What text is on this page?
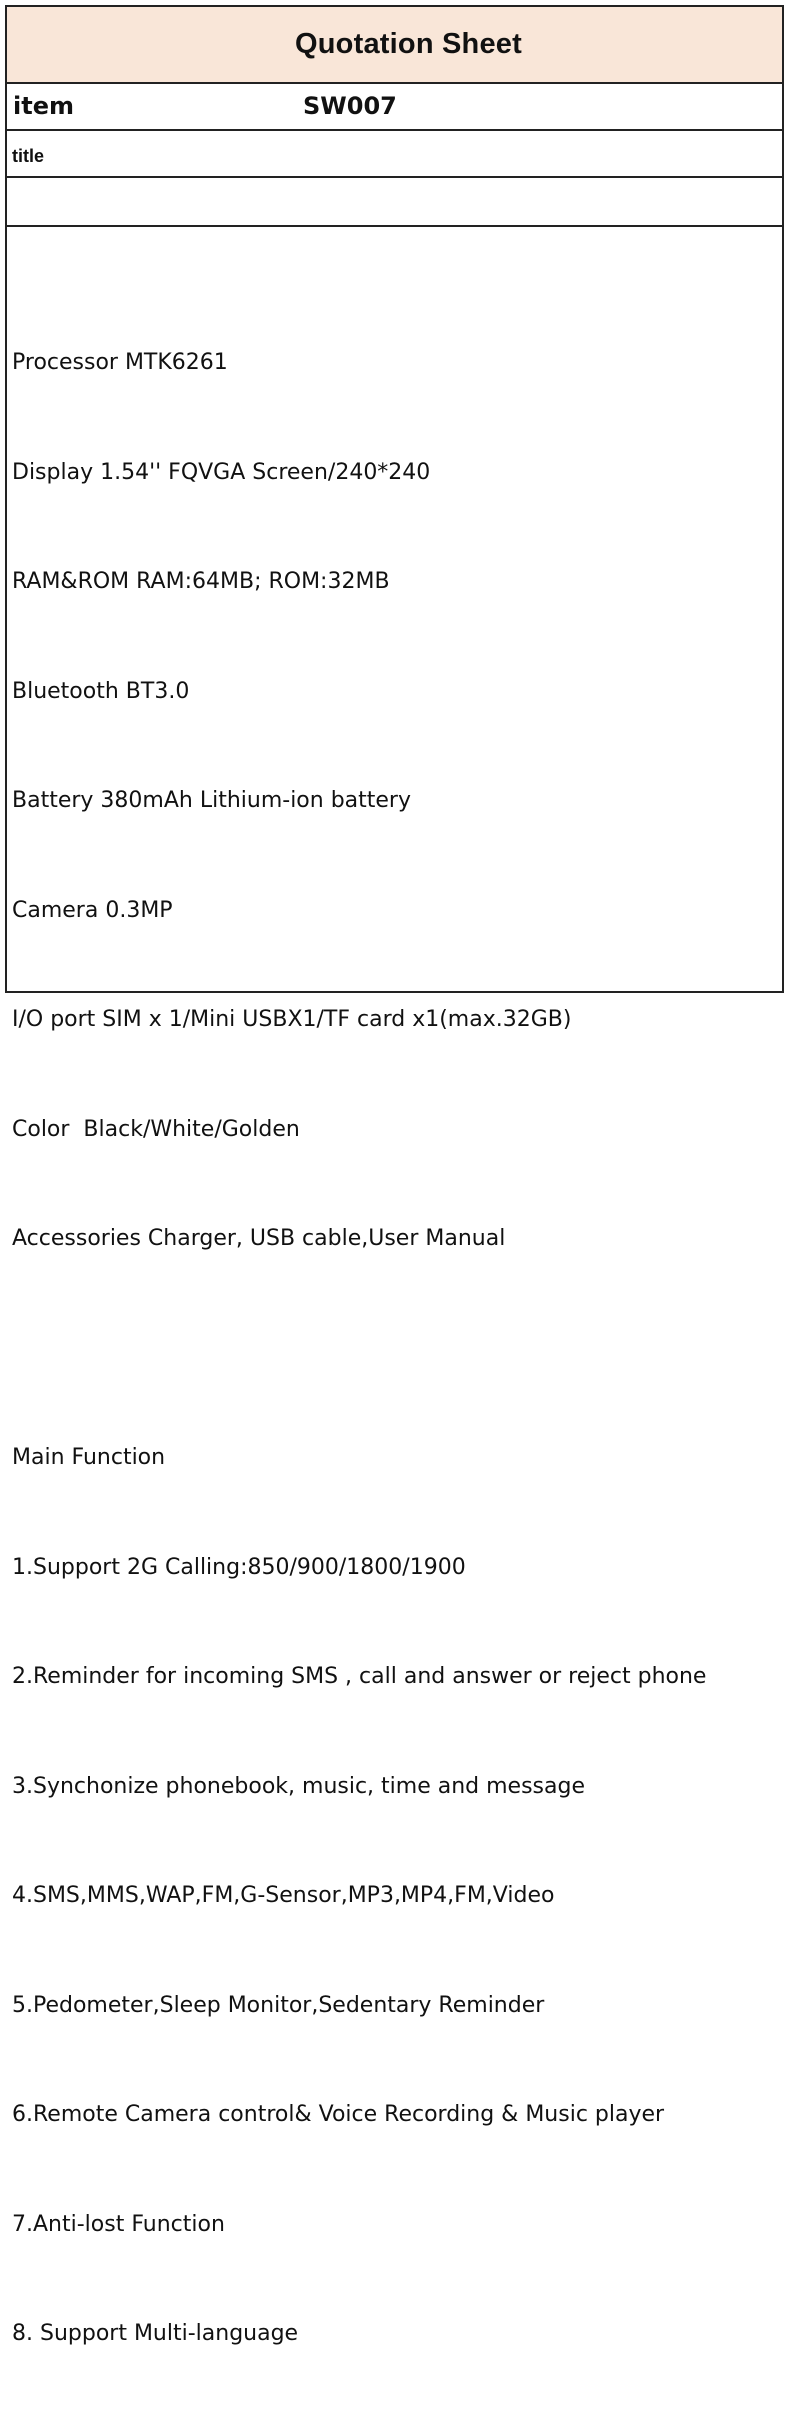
Quotation Sheet
item	SW007
title

Processor MTK6261

Display 1.54'' FQVGA Screen/240*240

RAM&ROM RAM:64MB; ROM:32MB

Bluetooth BT3.0

Battery 380mAh Lithium-ion battery

Camera 0.3MP

I/O port SIM x 1/Mini USBX1/TF card x1(max.32GB)

Color  Black/White/Golden

Accessories Charger, USB cable,User Manual

Main Function

1.Support 2G Calling:850/900/1800/1900

2.Reminder for incoming SMS , call and answer or reject phone

3.Synchonize phonebook, music, time and message

4.SMS,MMS,WAP,FM,G-Sensor,MP3,MP4,FM,Video

5.Pedometer,Sleep Monitor,Sedentary Reminder

6.Remote Camera control& Voice Recording & Music player

7.Anti-lost Function

8. Support Multi-language
